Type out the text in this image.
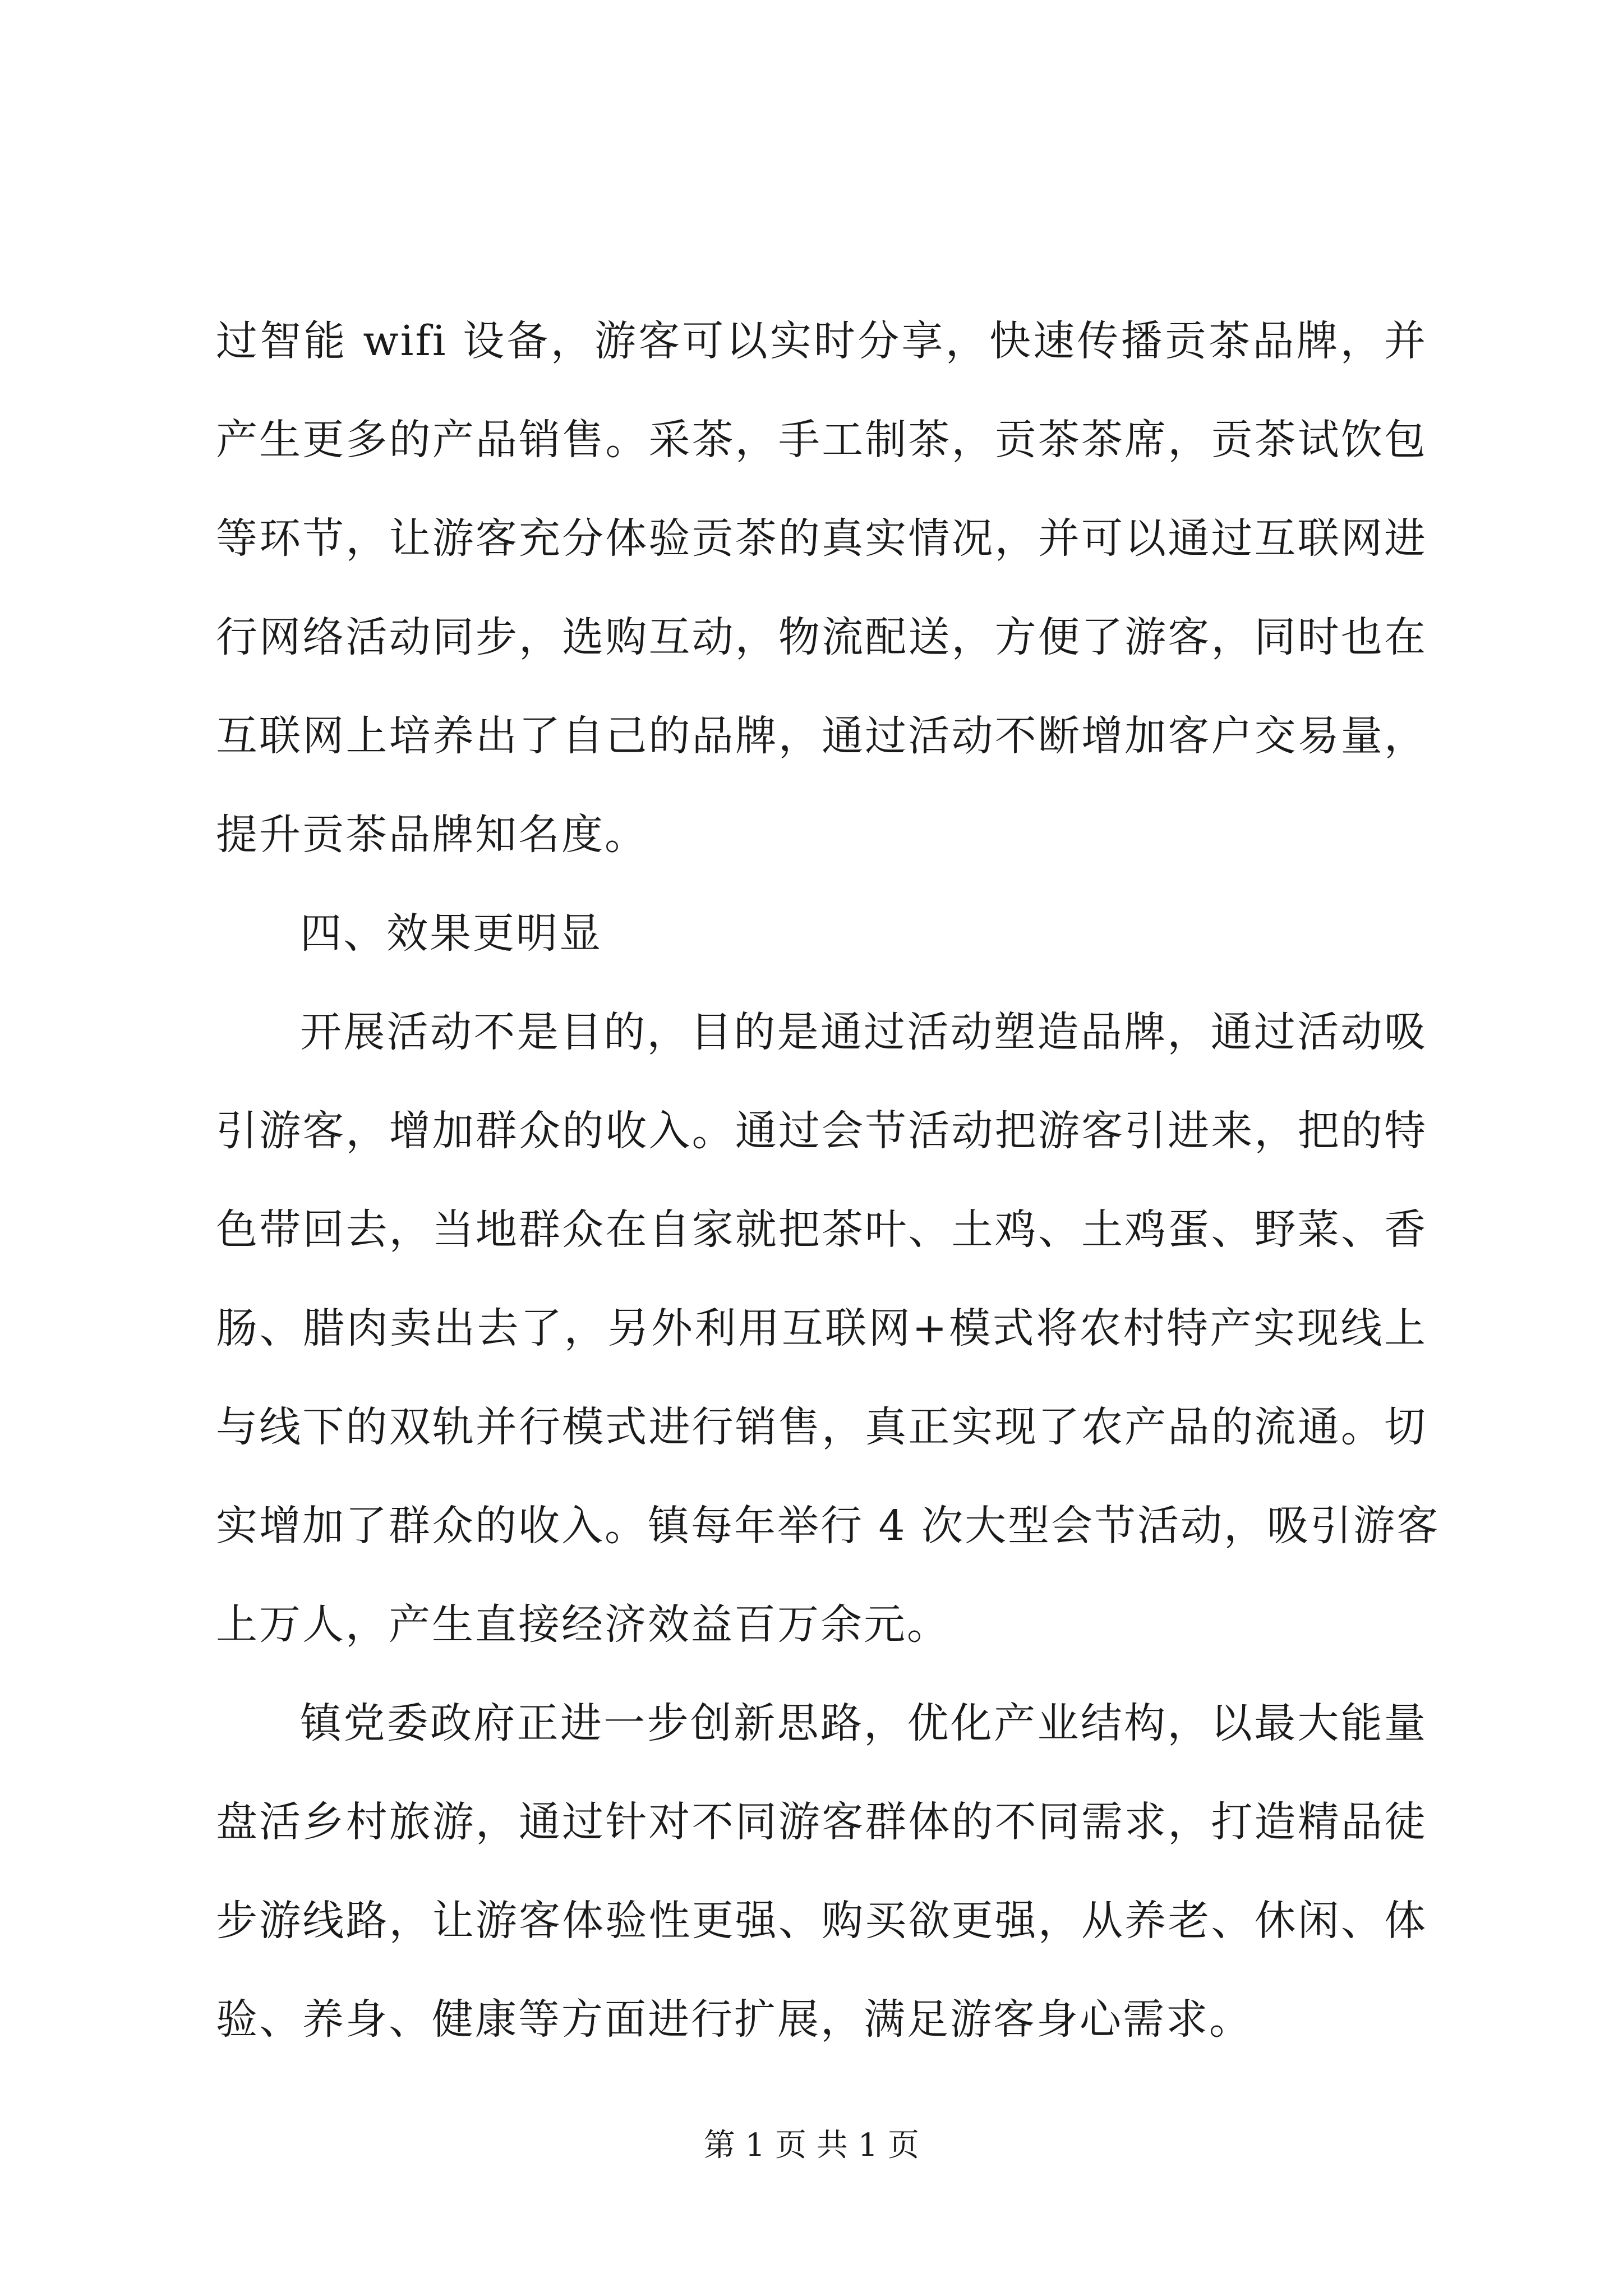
过智能 wifi 设备，游客可以实时分享，快速传播贡茶品牌，并
产生更多的产品销售。采茶，手工制茶，贡茶茶席，贡茶试饮包
等环节，让游客充分体验贡茶的真实情况，并可以通过互联网进
行网络活动同步，选购互动，物流配送，方便了游客，同时也在
互联网上培养出了自己的品牌，通过活动不断增加客户交易量，
提升贡茶品牌知名度。
四、效果更明显
开展活动不是目的，目的是通过活动塑造品牌，通过活动吸
引游客，增加群众的收入。通过会节活动把游客引进来，把的特
色带回去，当地群众在自家就把茶叶、土鸡、土鸡蛋、野菜、香
肠、腊肉卖出去了，另外利用互联网+模式将农村特产实现线上
与线下的双轨并行模式进行销售，真正实现了农产品的流通。切
实增加了群众的收入。镇每年举行 4 次大型会节活动，吸引游客
上万人，产生直接经济效益百万余元。
镇党委政府正进一步创新思路，优化产业结构，以最大能量
盘活乡村旅游，通过针对不同游客群体的不同需求，打造精品徒
步游线路，让游客体验性更强、购买欲更强，从养老、休闲、体
验、养身、健康等方面进行扩展，满足游客身心需求。
第 1 页 共 1 页
